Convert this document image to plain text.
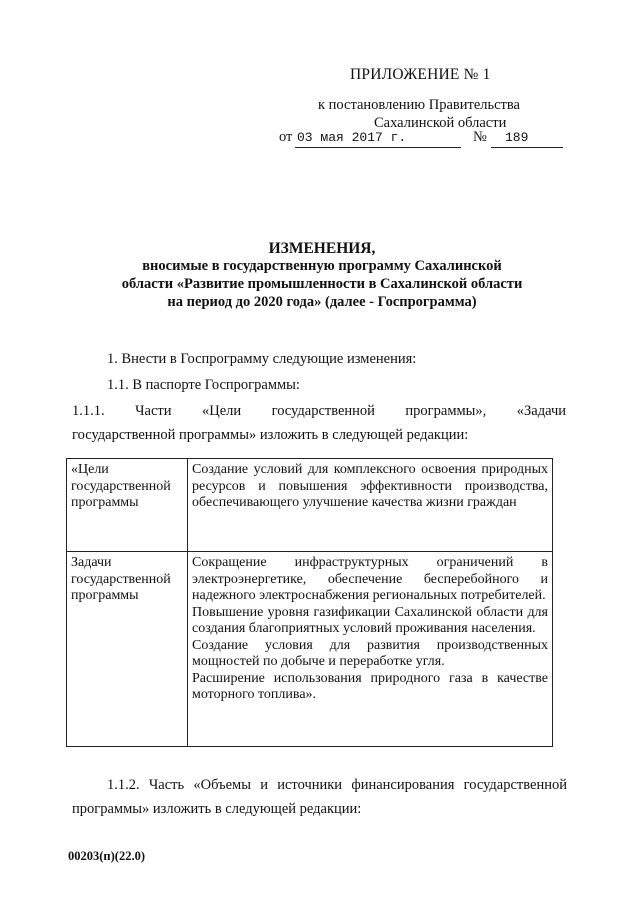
ПРИЛОЖЕНИЕ № 1
к постановлению Правительства
Сахалинской области
от 03 мая 2017 г.	№ 189
ИЗМЕНЕНИЯ,
вносимые в государственную программу Сахалинской
области «Развитие промышленности в Сахалинской области
на период до 2020 года» (далее - Госпрограмма)
1. Внести в Госпрограмму следующие изменения:
1.1. В паспорте Госпрограммы:
1.1.1. Части «Цели государственной программы», «Задачи
государственной программы» изложить в следующей редакции:
«Цели государственной программы	Создание условий для комплексного освоения природных ресурсов и повышения эффективности производства, обеспечивающего улучшение качества жизни граждан

Задачи государственной программы	Сокращение инфраструктурных ограничений в электроэнергетике, обеспечение бесперебойного и надежного электроснабжения региональных потребителей.

Повышение уровня газификации Сахалинской области для создания благоприятных условий проживания населения.

Создание условия для развития производственных мощностей по добыче и переработке угля.

Расширение использования природного газа в качестве моторного топлива».

1.1.2. Часть «Объемы и источники финансирования государственной
программы» изложить в следующей редакции:
00203(п)(22.0)
